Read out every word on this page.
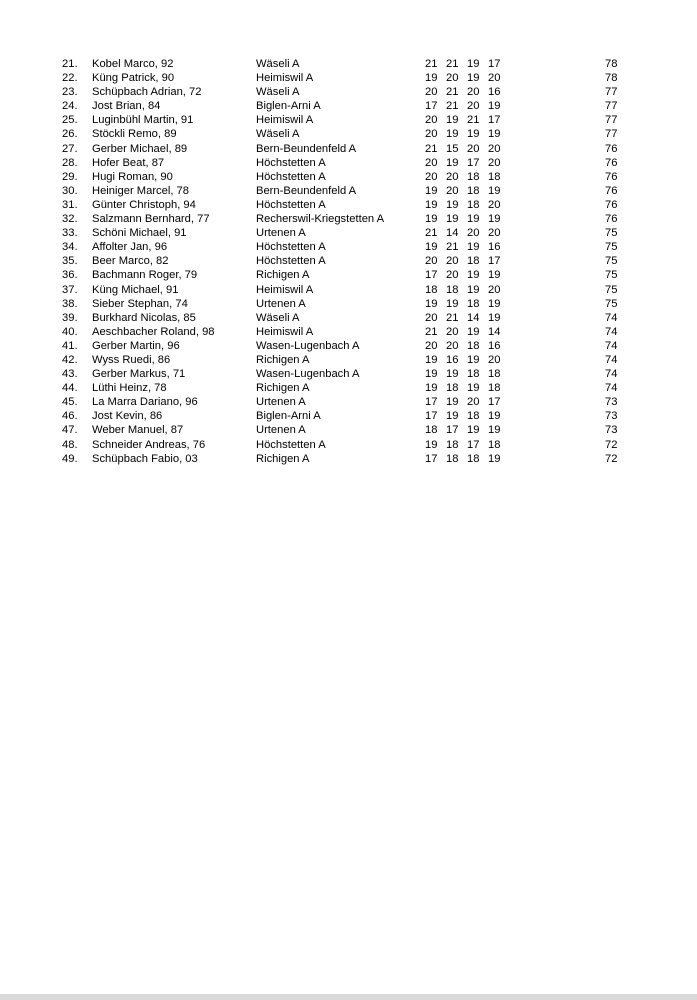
21. Kobel Marco, 92	Wäseli A	21 21 19 17	78
22. Küng Patrick, 90	Heimiswil A	19 20 19 20	78
23. Schüpbach Adrian, 72	Wäseli A	20 21 20 16	77
24. Jost Brian, 84	Biglen-Arni A	17 21 20 19	77
25. Luginbühl Martin, 91	Heimiswil A	20 19 21 17	77
26. Stöckli Remo, 89	Wäseli A	20 19 19 19	77
27. Gerber Michael, 89	Bern-Beundenfeld A	21 15 20 20	76
28. Hofer Beat, 87	Höchstetten A	20 19 17 20	76
29. Hugi Roman, 90	Höchstetten A	20 20 18 18	76
30. Heiniger Marcel, 78	Bern-Beundenfeld A	19 20 18 19	76
31. Günter Christoph, 94	Höchstetten A	19 19 18 20	76
32. Salzmann Bernhard, 77	Recherswil-Kriegstetten A	19 19 19 19	76
33. Schöni Michael, 91	Urtenen A	21 14 20 20	75
34. Affolter Jan, 96	Höchstetten A	19 21 19 16	75
35. Beer Marco, 82	Höchstetten A	20 20 18 17	75
36. Bachmann Roger, 79	Richigen A	17 20 19 19	75
37. Küng Michael, 91	Heimiswil A	18 18 19 20	75
38. Sieber Stephan, 74	Urtenen A	19 19 18 19	75
39. Burkhard Nicolas, 85	Wäseli A	20 21 14 19	74
40. Aeschbacher Roland, 98	Heimiswil A	21 20 19 14	74
41. Gerber Martin, 96	Wasen-Lugenbach A	20 20 18 16	74
42. Wyss Ruedi, 86	Richigen A	19 16 19 20	74
43. Gerber Markus, 71	Wasen-Lugenbach A	19 19 18 18	74
44. Lüthi Heinz, 78	Richigen A	19 18 19 18	74
45. La Marra Dariano, 96	Urtenen A	17 19 20 17	73
46. Jost Kevin, 86	Biglen-Arni A	17 19 18 19	73
47. Weber Manuel, 87	Urtenen A	18 17 19 19	73
48. Schneider Andreas, 76	Höchstetten A	19 18 17 18	72
49. Schüpbach Fabio, 03	Richigen A	17 18 18 19	72
